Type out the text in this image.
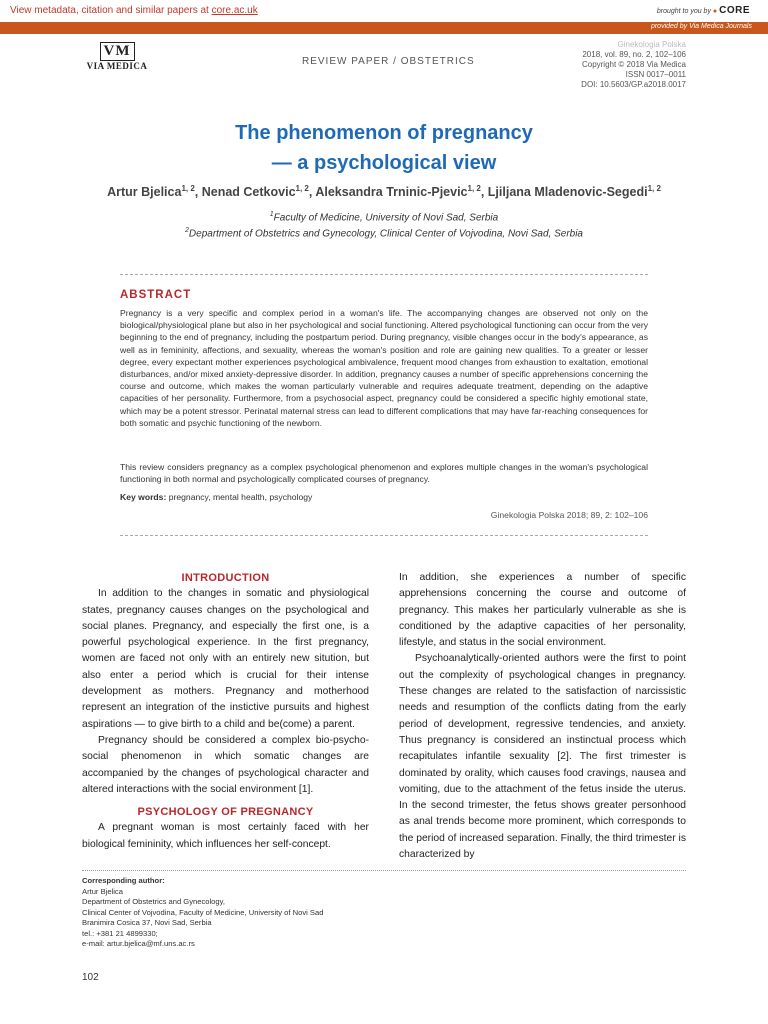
View metadata, citation and similar papers at core.ac.uk	brought to you by ● CORE
provided by Via Medica Journals
VM
VIA MEDICA	REVIEW PAPER / OBSTETRICS
Ginekologia Polska
2018, vol. 89, no. 2, 102–106
Copyright © 2018 Via Medica
ISSN 0017–0011
DOI: 10.5603/GP.a2018.0017
The phenomenon of pregnancy
— a psychological view
Artur Bjelica$^{1, 2}$, Nenad Cetkovic$^{1, 2}$, Aleksandra Trninic-Pjevic$^{1, 2}$, Ljiljana Mladenovic-Segedi$^{1, 2}$
$^1$Faculty of Medicine, University of Novi Sad, Serbia
$^2$Department of Obstetrics and Gynecology, Clinical Center of Vojvodina, Novi Sad, Serbia
ABSTRACT
Pregnancy is a very specific and complex period in a woman's life. The accompanying changes are observed not only on the biological/physiological plane but also in her psychological and social functioning. Altered psychological functioning can occur from the very beginning to the end of pregnancy, including the postpartum period. During pregnancy, visible changes occur in the body's appearance, as well as in femininity, affections, and sexuality, whereas the woman's position and role are gaining new qualities. To a greater or lesser degree, every expectant mother experiences psychological ambivalence, frequent mood changes from exhaustion to exaltation, emotional disturbances, and/or mixed anxiety-depressive disorder. In addition, pregnancy causes a number of specific apprehensions concerning the course and outcome, which makes the woman particularly vulnerable and requires adequate treatment, depending on the adaptive capacities of her personality. Furthermore, from a psychosocial aspect, pregnancy could be considered a specific highly emotional state, which may be a potent stressor. Perinatal maternal stress can lead to different complications that may have far-reaching consequences for both somatic and psychic functioning of the newborn.
This review considers pregnancy as a complex psychological phenomenon and explores multiple changes in the woman's psychological functioning in both normal and psychologically complicated courses of pregnancy.
Key words: pregnancy, mental health, psychology
Ginekologia Polska 2018; 89, 2: 102–106
INTRODUCTION

In addition to the changes in somatic and physiological states, pregnancy causes changes on the psychological and social planes. Pregnancy, and especially the first one, is a powerful psychological experience. In the first pregnancy, women are faced not only with an entirely new sitution, but also enter a period which is crucial for their intense development as mothers. Pregnancy and motherhood represent an integration of the instictive pursuits and highest aspirations — to give birth to a child and be(come) a parent.

Pregnancy should be considered a complex bio-psycho-social phenomenon in which somatic changes are accompanied by the changes of psychological character and altered interactions with the social environment [1].

PSYCHOLOGY OF PREGNANCY

A pregnant woman is most certainly faced with her biological femininity, which influences her self-concept.

In addition, she experiences a number of specific apprehensions concerning the course and outcome of pregnancy. This makes her particularly vulnerable as she is conditioned by the adaptive capacities of her personality, lifestyle, and status in the social environment.

Psychoanalytically-oriented authors were the first to point out the complexity of psychological changes in pregnancy. These changes are related to the satisfaction of narcissistic needs and resumption of the conflicts dating from the early period of development, regressive tendencies, and anxiety. Thus pregnancy is considered an instinctual process which recapitulates infantile sexuality [2]. The first trimester is dominated by orality, which causes food cravings, nausea and vomiting, due to the attachment of the fetus inside the uterus. In the second trimester, the fetus shows greater personhood as anal trends become more prominent, which corresponds to the period of increased separation. Finally, the third trimester is characterized by

Corresponding author:
Artur Bjelica
Department of Obstetrics and Gynecology,
Clinical Center of Vojvodina, Faculty of Medicine, University of Novi Sad
Branimira Cosica 37, Novi Sad, Serbia
tel.: +381 21 4899330;
e-mail: artur.bjelica@mf.uns.ac.rs
102
